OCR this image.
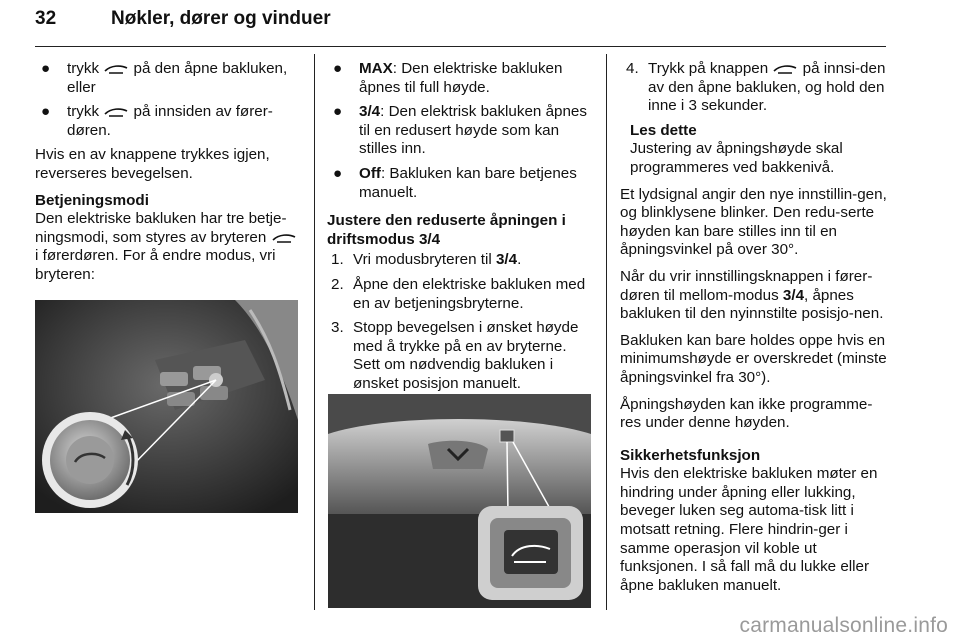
32	Nøkler, dører og vinduer
● trykk på den åpne bakluken, eller
● trykk på innsiden av fører-døren.

Hvis en av knappene trykkes igjen, reverseres bevegelsen.

Betjeningsmodi

Den elektriske bakluken har tre betje-ningsmodi, som styres av bryteren  i førerdøren. For å endre modus, vri bryteren:

● MAX: Den elektriske bakluken åpnes til full høyde.
● 3/4: Den elektrisk bakluken åpnes til en redusert høyde som kan stilles inn.
● Off: Bakluken kan bare betjenes manuelt.
Justere den reduserte åpningen i driftsmodus 3/4
1. Vri modusbryteren til 3/4.
2. Åpne den elektriske bakluken med en av betjeningsbryterne.
3. Stopp bevegelsen i ønsket høyde med å trykke på en av bryterne. Sett om nødvendig bakluken i ønsket posisjon manuelt.
4. Trykk på knappen på innsi-den av den åpne bakluken, og hold den inne i 3 sekunder.
Les dette
Justering av åpningshøyde skal programmeres ved bakkenivå.

Et lydsignal angir den nye innstillin-gen, og blinklysene blinker. Den redu-serte høyden kan bare stilles inn til en åpningsvinkel på over 30°.

Når du vrir innstillingsknappen i fører-døren til mellom-modus 3/4, åpnes bakluken til den nyinnstilte posisjo-nen.

Bakluken kan bare holdes oppe hvis en minimumshøyde er overskredet (minste åpningsvinkel fra 30°).

Åpningshøyden kan ikke programme-res under denne høyden.

Sikkerhetsfunksjon

Hvis den elektriske bakluken møter en hindring under åpning eller lukking, beveger luken seg automa-tisk litt i motsatt retning. Flere hindrin-ger i samme operasjon vil koble ut funksjonen. I så fall må du lukke eller åpne bakluken manuelt.

carmanualsonline.info
